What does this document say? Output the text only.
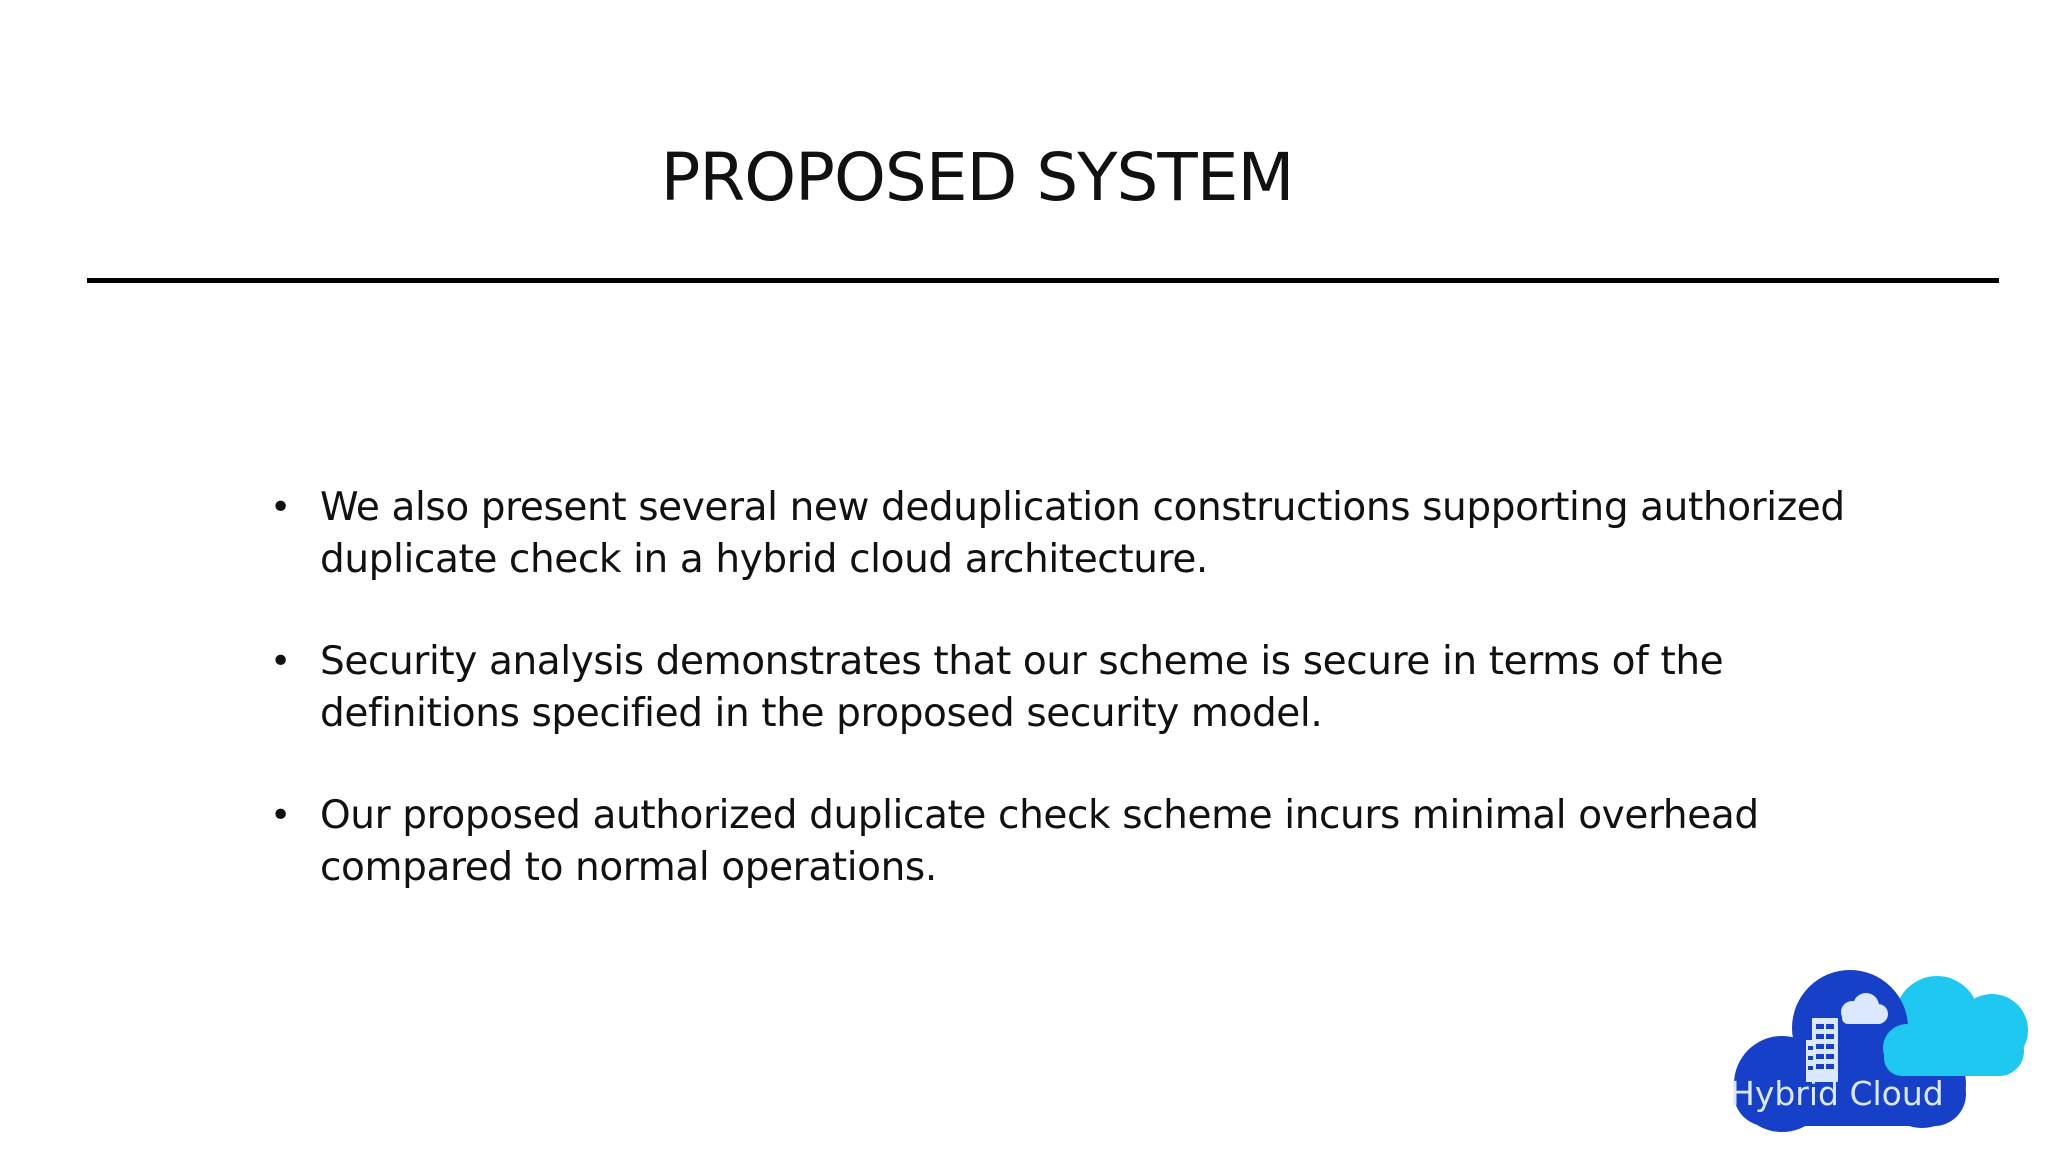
PROPOSED SYSTEM
• We also present several new deduplication constructions supporting authorized duplicate check in a hybrid cloud architecture.
• Security analysis demonstrates that our scheme is secure in terms of the definitions specified in the proposed security model.
• Our proposed authorized duplicate check scheme incurs minimal overhead compared to normal operations.
Hybrid Cloud
